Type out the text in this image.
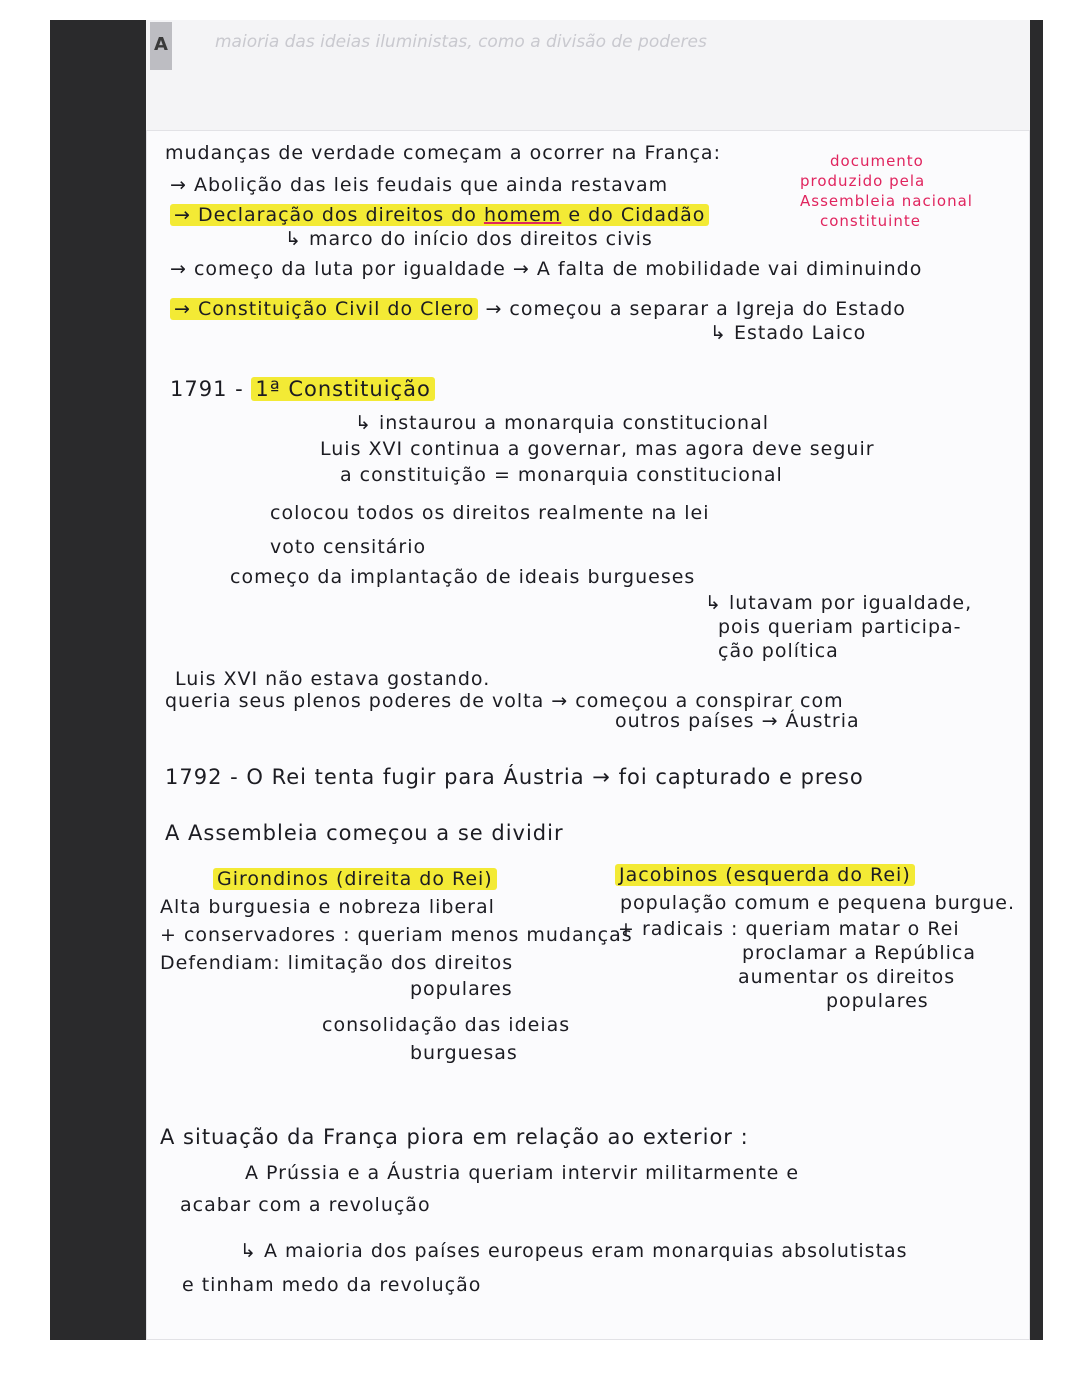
A	maioria das ideias iluministas, como a divisão de poderes
mudanças de verdade começam a ocorrer na França:
→ Abolição das leis feudais que ainda restavam
→ Declaração dos direitos do homem e do Cidadão
↳ marco do início dos direitos civis
documento
produzido pela
Assembleia nacional
constituinte
→ começo da luta por igualdade → A falta de mobilidade vai diminuindo
→ Constituição Civil do Clero → começou a separar a Igreja do Estado
↳ Estado Laico
1791 - 1ª Constituição
↳ instaurou a monarquia constitucional
Luis XVI continua a governar, mas agora deve seguir
a constituição = monarquia constitucional
colocou todos os direitos realmente na lei
voto censitário
começo da implantação de ideais burgueses
↳ lutavam por igualdade,
pois queriam participa-
ção política
Luis XVI não estava gostando.
queria seus plenos poderes de volta → começou a conspirar com
outros países → Áustria
1792 - O Rei tenta fugir para Áustria → foi capturado e preso
A Assembleia começou a se dividir
Girondinos (direita do Rei)
Alta burguesia e nobreza liberal
+ conservadores : queriam menos mudanças
Defendiam: limitação dos direitos
populares
consolidação das ideias
burguesas
Jacobinos (esquerda do Rei)
população comum e pequena burgue.
+ radicais : queriam matar o Rei
proclamar a República
aumentar os direitos
populares
A situação da França piora em relação ao exterior :
A Prússia e a Áustria queriam intervir militarmente e
acabar com a revolução
↳ A maioria dos países europeus eram monarquias absolutistas
e tinham medo da revolução
